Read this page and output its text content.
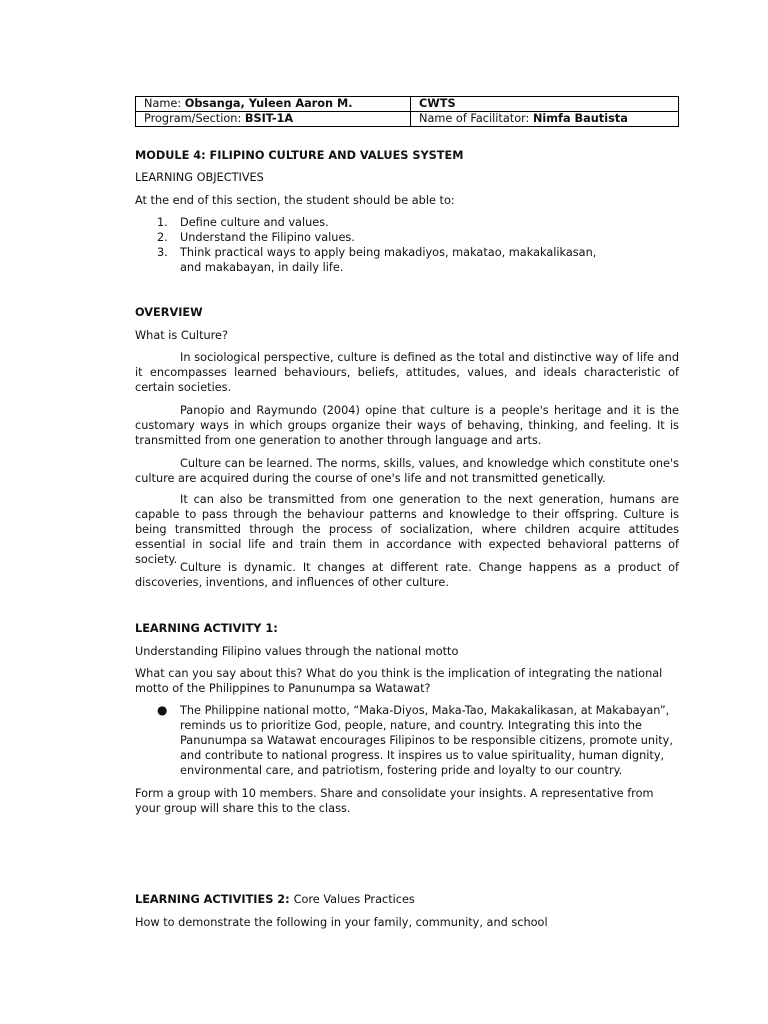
Name: Obsanga, Yuleen Aaron M.	CWTS
Program/Section: BSIT-1A	Name of Facilitator: Nimfa Bautista
MODULE 4: FILIPINO CULTURE AND VALUES SYSTEM
LEARNING OBJECTIVES
At the end of this section, the student should be able to:
1. Define culture and values.
2. Understand the Filipino values.
3. Think practical ways to apply being makadiyos, makatao, makakalikasan, and makabayan, in daily life.
OVERVIEW
What is Culture?
In sociological perspective, culture is defined as the total and distinctive way of life and it encompasses learned behaviours, beliefs, attitudes, values, and ideals characteristic of certain societies.
Panopio and Raymundo (2004) opine that culture is a people's heritage and it is the customary ways in which groups organize their ways of behaving, thinking, and feeling. It is transmitted from one generation to another through language and arts.
Culture can be learned. The norms, skills, values, and knowledge which constitute one's culture are acquired during the course of one's life and not transmitted genetically.
It can also be transmitted from one generation to the next generation, humans are capable to pass through the behaviour patterns and knowledge to their offspring. Culture is being transmitted through the process of socialization, where children acquire attitudes essential in social life and train them in accordance with expected behavioral patterns of society.
Culture is dynamic. It changes at different rate. Change happens as a product of discoveries, inventions, and influences of other culture.
LEARNING ACTIVITY 1:
Understanding Filipino values through the national motto
What can you say about this? What do you think is the implication of integrating the national motto of the Philippines to Panunumpa sa Watawat?
● The Philippine national motto, “Maka-Diyos, Maka-Tao, Makakalikasan, at Makabayan”, reminds us to prioritize God, people, nature, and country. Integrating this into the Panunumpa sa Watawat encourages Filipinos to be responsible citizens, promote unity, and contribute to national progress. It inspires us to value spirituality, human dignity, environmental care, and patriotism, fostering pride and loyalty to our country.
Form a group with 10 members. Share and consolidate your insights. A representative from your group will share this to the class.
LEARNING ACTIVITIES 2: Core Values Practices
How to demonstrate the following in your family, community, and school
